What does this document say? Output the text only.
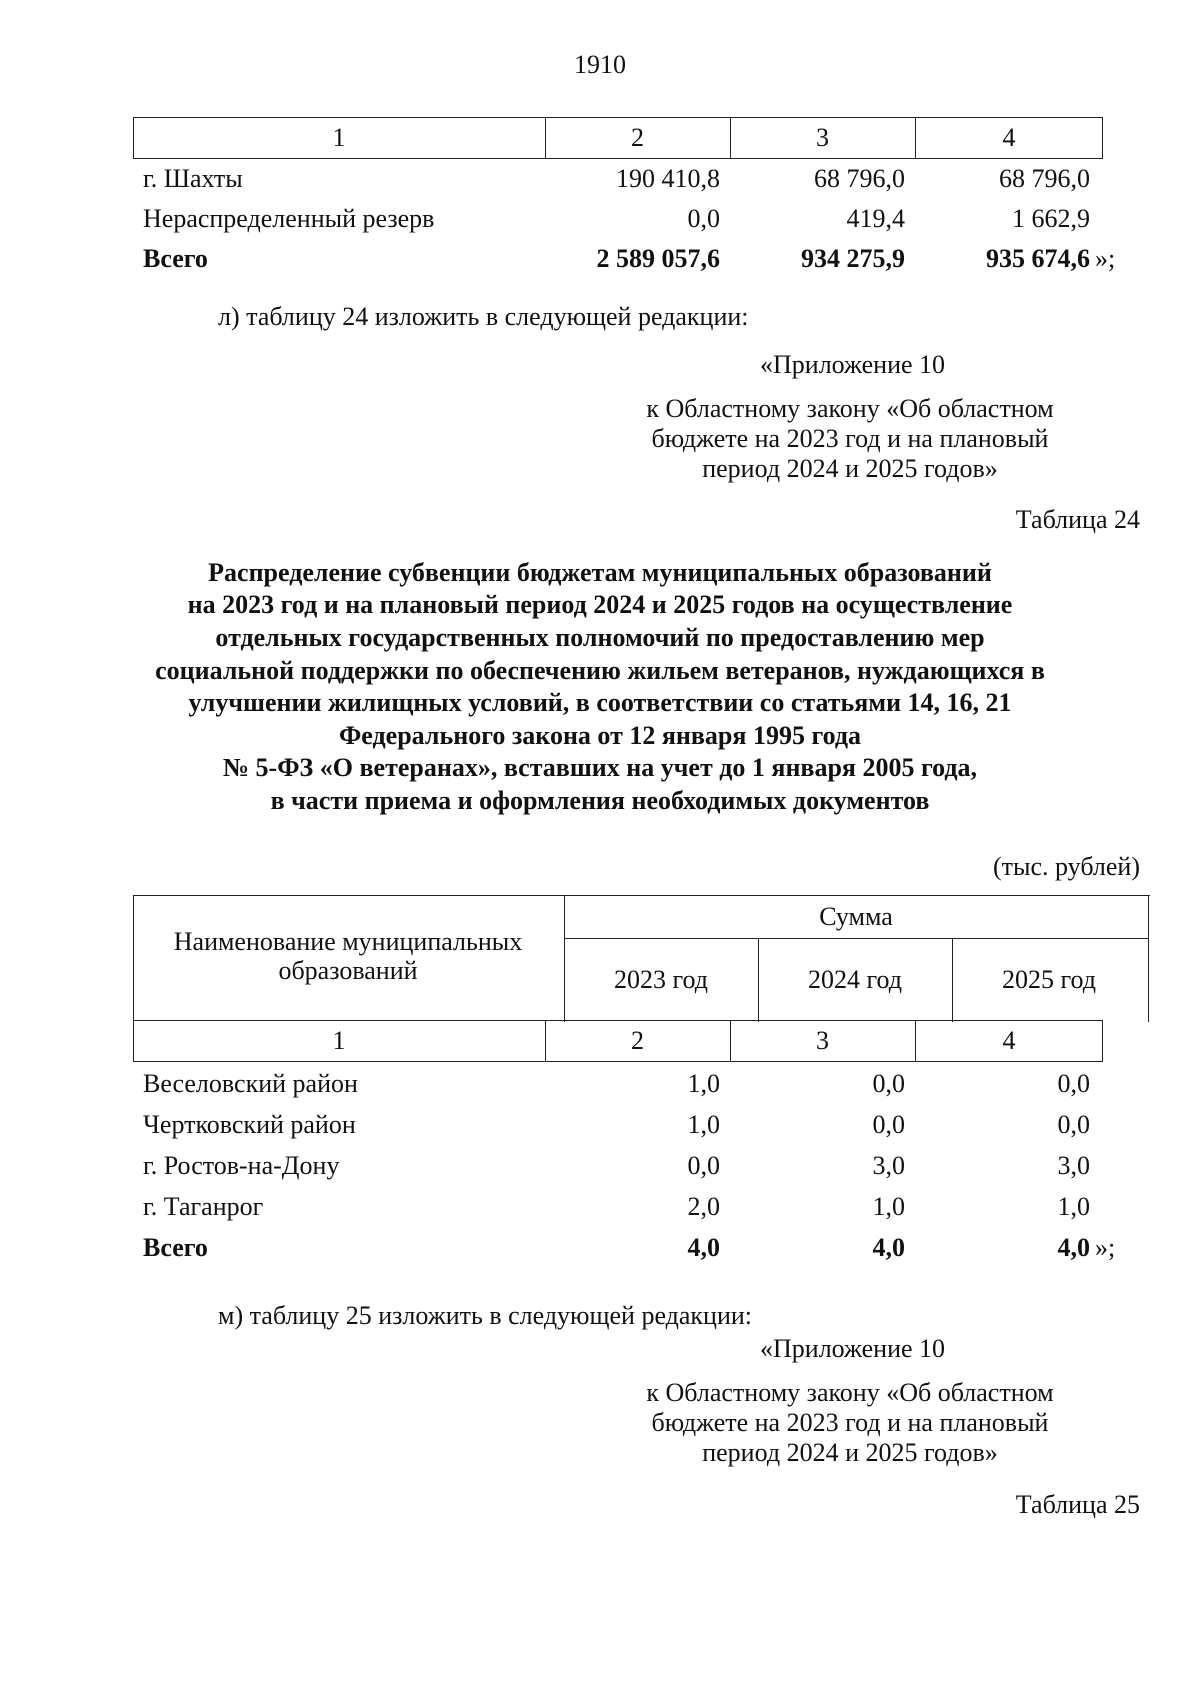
1910
1	2	3	4
г. Шахты	190 410,8	68 796,0	68 796,0
Нераспределенный резерв	0,0	419,4	1 662,9
Всего	2 589 057,6	934 275,9	935 674,6 »;
л) таблицу 24 изложить в следующей редакции:
«Приложение 10
к Областному закону «Об областном
бюджете на 2023 год и на плановый
период 2024 и 2025 годов»
Таблица 24
Распределение субвенции бюджетам муниципальных образований
на 2023 год и на плановый период 2024 и 2025 годов на осуществление
отдельных государственных полномочий по предоставлению мер
социальной поддержки по обеспечению жильем ветеранов, нуждающихся в
улучшении жилищных условий, в соответствии со статьями 14, 16, 21
Федерального закона от 12 января 1995 года
№ 5-ФЗ «О ветеранах», вставших на учет до 1 января 2005 года,
в части приема и оформления необходимых документов
(тыс. рублей)
Наименование муниципальных образований
Сумма
2023 год	2024 год	2025 год
1	2	3	4
Веселовский район	1,0	0,0	0,0
Чертковский район	1,0	0,0	0,0
г. Ростов-на-Дону	0,0	3,0	3,0
г. Таганрог	2,0	1,0	1,0
Всего	4,0	4,0	4,0 »;
м) таблицу 25 изложить в следующей редакции:
«Приложение 10
к Областному закону «Об областном
бюджете на 2023 год и на плановый
период 2024 и 2025 годов»
Таблица 25
